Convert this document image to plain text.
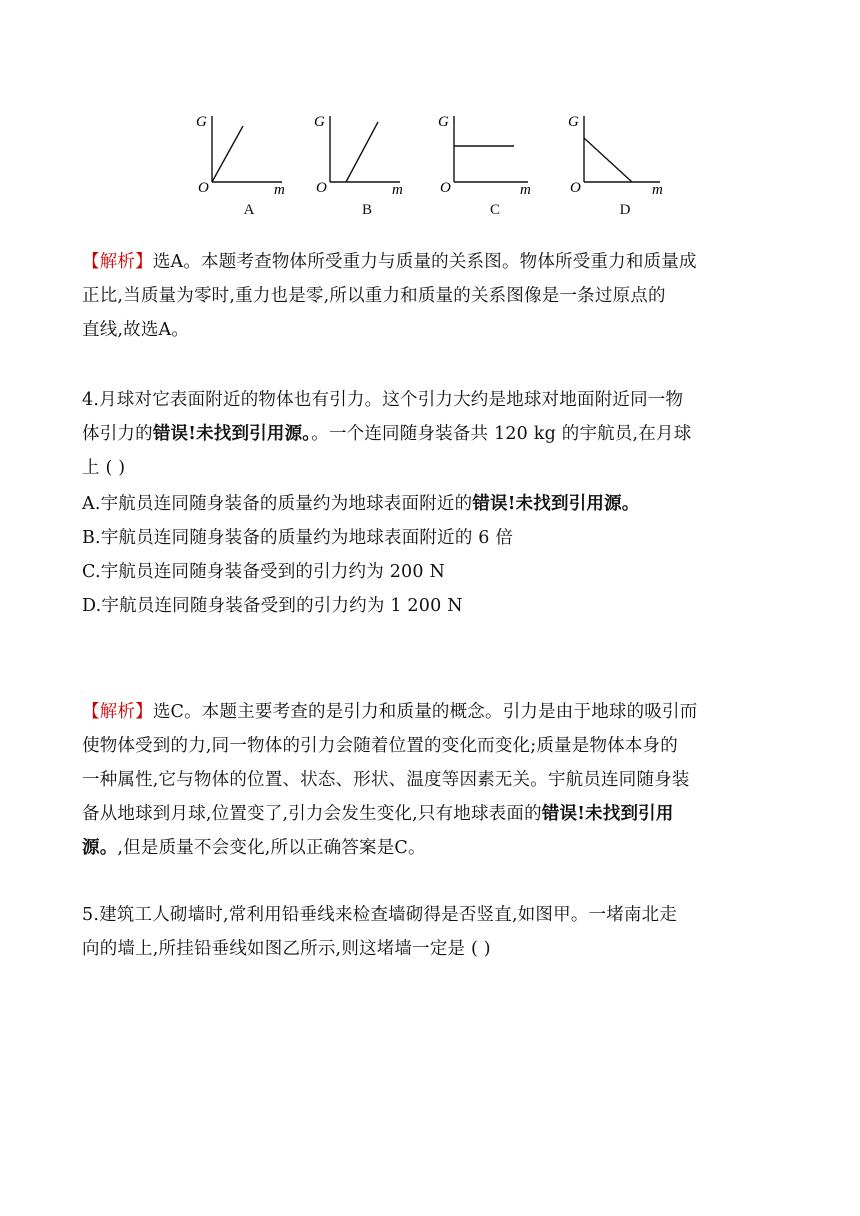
G
O	m
A
G
O	m
B
G
O	m
C
G
O	m
D
【解析】选A。本题考查物体所受重力与质量的关系图。物体所受重力和质量成
正比,当质量为零时,重力也是零,所以重力和质量的关系图像是一条过原点的
直线,故选A。
4.月球对它表面附近的物体也有引力。这个引力大约是地球对地面附近同一物
体引力的错误!未找到引用源。。一个连同随身装备共 120 kg 的宇航员,在月球
上 ( )
A.宇航员连同随身装备的质量约为地球表面附近的错误!未找到引用源。
B.宇航员连同随身装备的质量约为地球表面附近的 6 倍
C.宇航员连同随身装备受到的引力约为 200 N
D.宇航员连同随身装备受到的引力约为 1 200 N
【解析】选C。本题主要考查的是引力和质量的概念。引力是由于地球的吸引而
使物体受到的力,同一物体的引力会随着位置的变化而变化;质量是物体本身的
一种属性,它与物体的位置、状态、形状、温度等因素无关。宇航员连同随身装
备从地球到月球,位置变了,引力会发生变化,只有地球表面的错误!未找到引用
源。,但是质量不会变化,所以正确答案是C。
5.建筑工人砌墙时,常利用铅垂线来检查墙砌得是否竖直,如图甲。一堵南北走
向的墙上,所挂铅垂线如图乙所示,则这堵墙一定是 ( )
